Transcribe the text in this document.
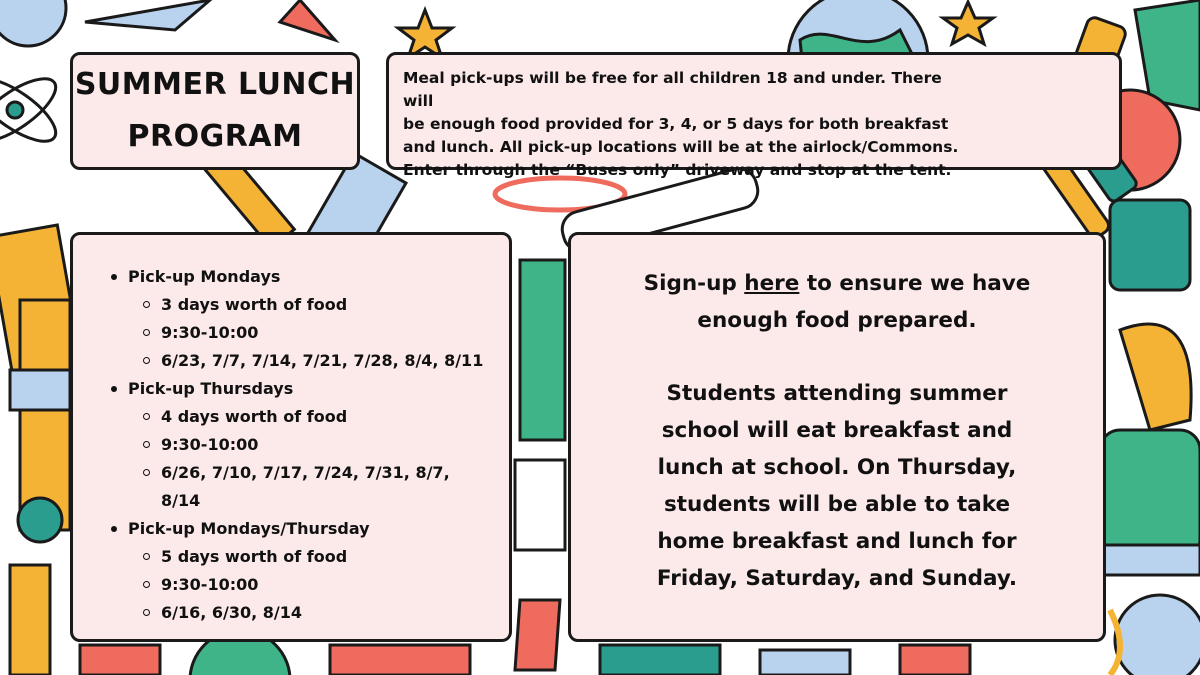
SUMMER LUNCH
PROGRAM

Meal pick-ups will be free for all children 18 and under. There will

be enough food provided for 3, 4, or 5 days for both breakfast

and lunch. All pick-up locations will be at the airlock/Commons.

Enter through the “Buses only” driveway and stop at the tent.

Pick-up Mondays
3 days worth of food
9:30-10:00
6/23, 7/7, 7/14, 7/21, 7/28, 8/4, 8/11
Pick-up Thursdays
4 days worth of food
9:30-10:00
6/26, 7/10, 7/17, 7/24, 7/31, 8/7,
8/14
Pick-up Mondays/Thursday
5 days worth of food
9:30-10:00
6/16, 6/30, 8/14

Sign-up here to ensure we have

enough food prepared.

Students attending summer

school will eat breakfast and

lunch at school. On Thursday,

students will be able to take

home breakfast and lunch for

Friday, Saturday, and Sunday.
